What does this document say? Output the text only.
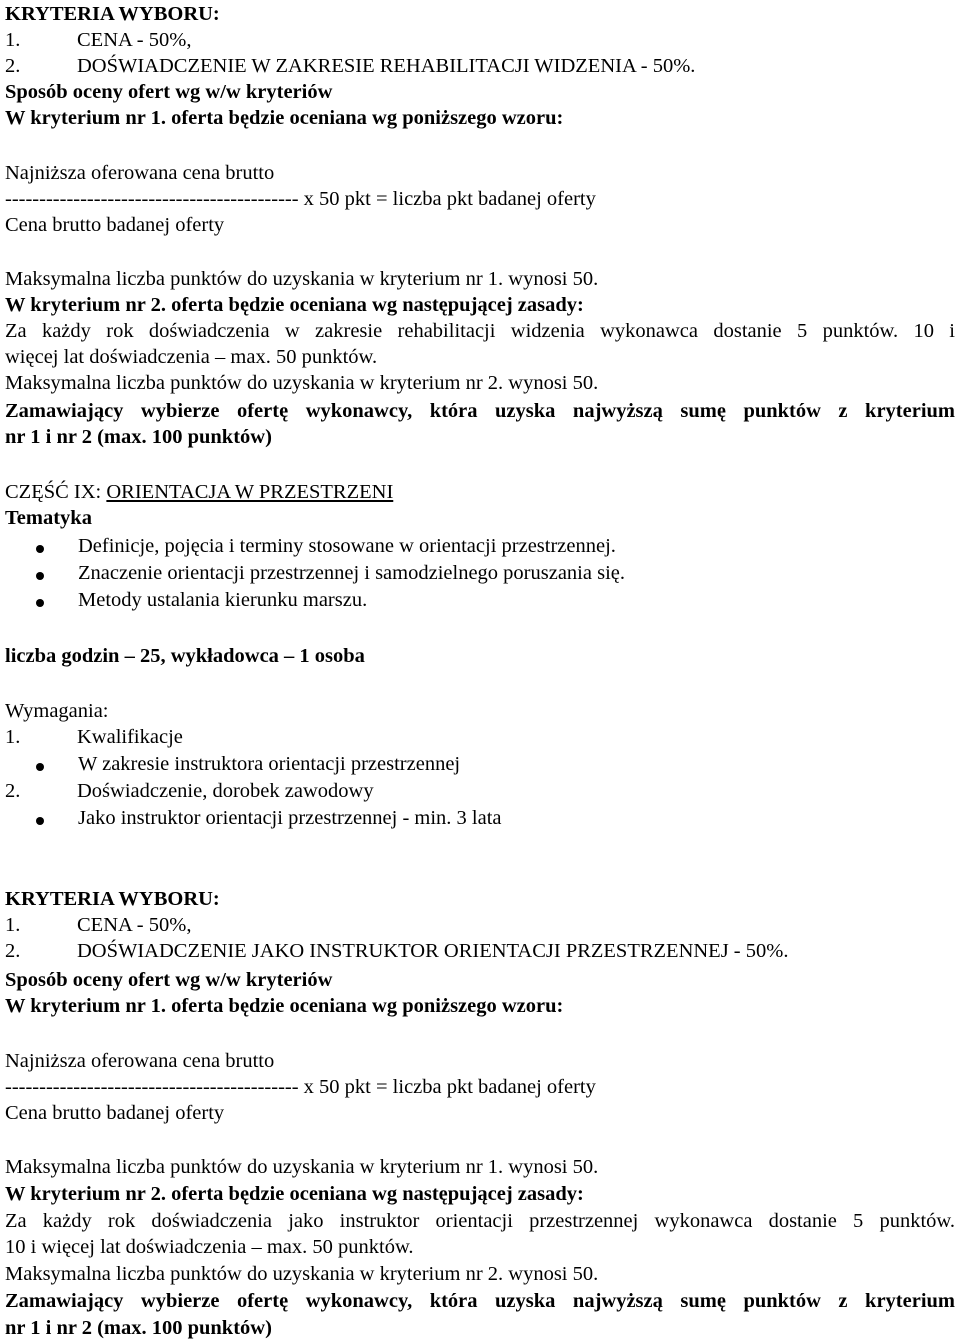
KRYTERIA WYBORU:
1.	CENA - 50%,
2.	DOŚWIADCZENIE W ZAKRESIE REHABILITACJI WIDZENIA - 50%.
Sposób oceny ofert wg w/w kryteriów
W kryterium nr 1. oferta będzie oceniana wg poniższego wzoru:
Najniższa oferowana cena brutto
------------------------------------------- x 50 pkt = liczba pkt badanej oferty
Cena brutto badanej oferty
Maksymalna liczba punktów do uzyskania w kryterium nr 1. wynosi 50.
W kryterium nr 2. oferta będzie oceniana wg następującej zasady:
Za każdy rok doświadczenia w zakresie rehabilitacji widzenia wykonawca dostanie 5 punktów. 10 i
więcej lat doświadczenia – max. 50 punktów.
Maksymalna liczba punktów do uzyskania w kryterium nr 2. wynosi 50.
Zamawiający wybierze ofertę wykonawcy, która uzyska najwyższą sumę punktów z kryterium
nr 1 i nr 2 (max. 100 punktów)
CZĘŚĆ IX: ORIENTACJA W PRZESTRZENI
Tematyka
Definicje, pojęcia i terminy stosowane w orientacji przestrzennej.
Znaczenie orientacji przestrzennej i samodzielnego poruszania się.
Metody ustalania kierunku marszu.
liczba godzin – 25, wykładowca – 1 osoba
Wymagania:
1.	Kwalifikacje
W zakresie instruktora orientacji przestrzennej
2.	Doświadczenie, dorobek zawodowy
Jako instruktor orientacji przestrzennej - min. 3 lata
KRYTERIA WYBORU:
1.	CENA - 50%,
2.	DOŚWIADCZENIE JAKO INSTRUKTOR ORIENTACJI PRZESTRZENNEJ - 50%.
Sposób oceny ofert wg w/w kryteriów
W kryterium nr 1. oferta będzie oceniana wg poniższego wzoru:
Najniższa oferowana cena brutto
------------------------------------------- x 50 pkt = liczba pkt badanej oferty
Cena brutto badanej oferty
Maksymalna liczba punktów do uzyskania w kryterium nr 1. wynosi 50.
W kryterium nr 2. oferta będzie oceniana wg następującej zasady:
Za każdy rok doświadczenia jako instruktor orientacji przestrzennej wykonawca dostanie 5 punktów.
10 i więcej lat doświadczenia – max. 50 punktów.
Maksymalna liczba punktów do uzyskania w kryterium nr 2. wynosi 50.
Zamawiający wybierze ofertę wykonawcy, która uzyska najwyższą sumę punktów z kryterium
nr 1 i nr 2 (max. 100 punktów)
